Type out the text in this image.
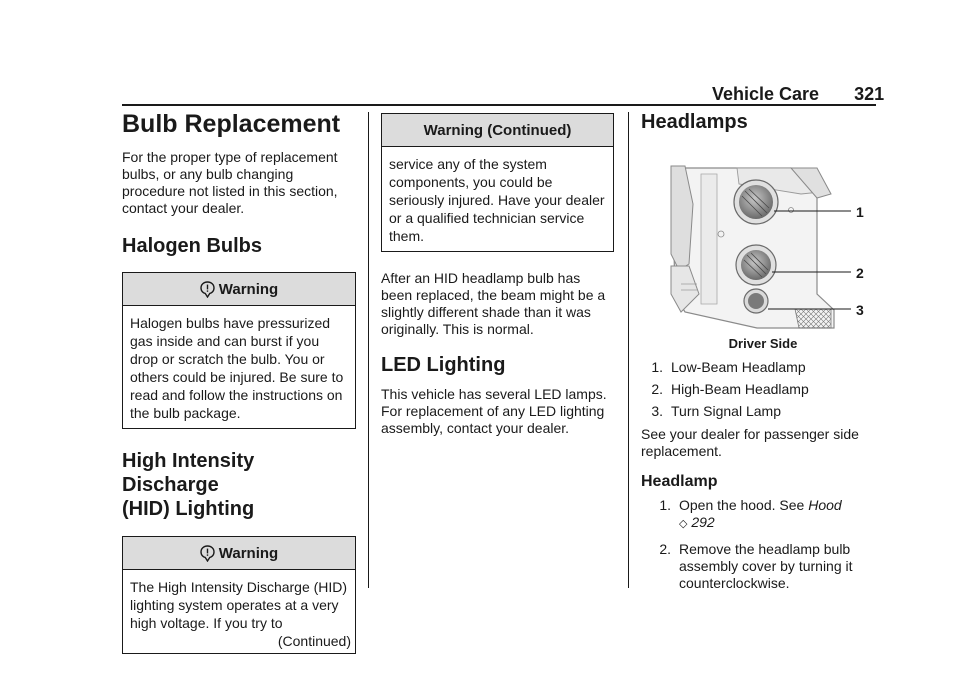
Vehicle Care 321
Bulb Replacement

For the proper type of replacement bulbs, or any bulb changing procedure not listed in this section, contact your dealer.

Halogen Bulbs
Warning
Halogen bulbs have pressurized gas inside and can burst if you drop or scratch the bulb. You or others could be injured. Be sure to read and follow the instructions on the bulb package.
High Intensity Discharge
(HID) Lighting
Warning
The High Intensity Discharge (HID) lighting system operates at a very high voltage. If you try to
(Continued)
Warning (Continued)
service any of the system components, you could be seriously injured. Have your dealer or a qualified technician service them.

After an HID headlamp bulb has been replaced, the beam might be a slightly different shade than it was originally. This is normal.

LED Lighting

This vehicle has several LED lamps. For replacement of any LED lighting assembly, contact your dealer.

Headlamps
1
2
3
Driver Side
1. Low-Beam Headlamp
2. High-Beam Headlamp
3. Turn Signal Lamp

See your dealer for passenger side replacement.

Headlamp
1. Open the hood. See Hood
◇ 292
2. Remove the headlamp bulb assembly cover by turning it counterclockwise.
